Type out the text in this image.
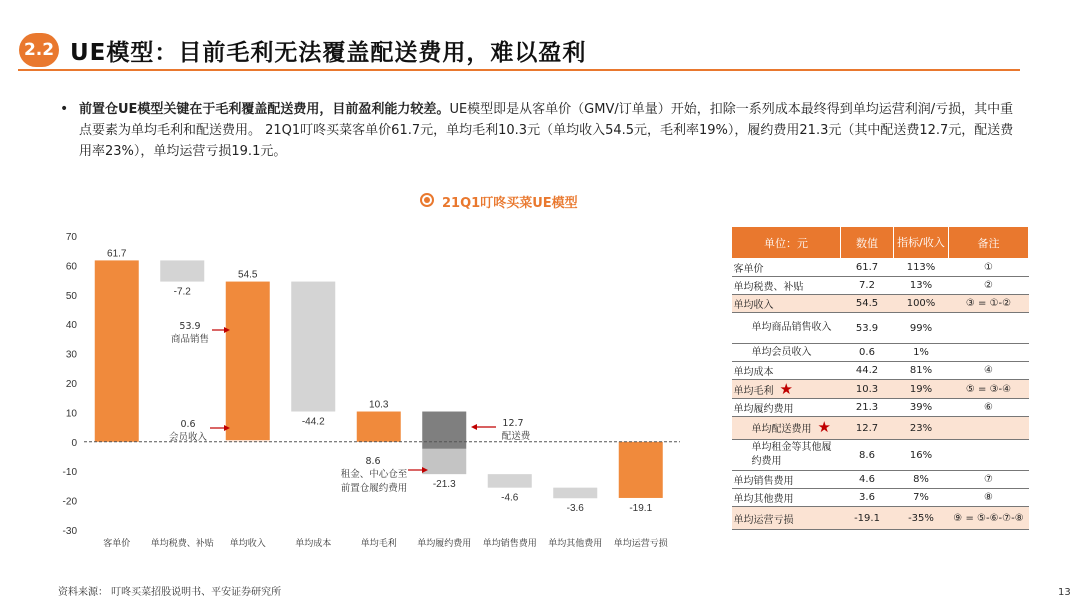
2.2 UE模型：目前毛利无法覆盖配送费用，难以盈利
• 前置仓UE模型关键在于毛利覆盖配送费用，目前盈利能力较差。UE模型即是从客单价（GMV/订单量）开始，扣除一系列成本最终得到单均运营利润/亏损，其中重点要素为单均毛利和配送费用。 21Q1叮咚买菜客单价61.7元，单均毛利10.3元（单均收入54.5元，毛利率19%），履约费用21.3元（其中配送费12.7元，配送费用率23%），单均运营亏损19.1元。
21Q1叮咚买菜UE模型
70
60
50
40
30
20
10
0
-10
-20
-30
61.7
-7.2
54.5
-44.2
10.3
-21.3
-4.6
-3.6	-19.1
客单价 单均税费、补贴 单均收入	单均成本	单均毛利 单均履约费用 单均销售费用 单均其他费用 单均运营亏损
53.9
商品销售
0.6
会员收入
12.7
配送费
8.6
租金、中心仓至
前置仓履约费用
单位：元	数值	指标/收入	备注
客单价	61.7	113%	①
单均税费、补贴	7.2	13%	②
单均收入	54.5	100%	③ = ①-②
单均商品销售收入	53.9	99%	
单均会员收入	0.6	1%	
单均成本	44.2	81%	④
单均毛利 ★	10.3	19%	⑤ = ③-④
单均履约费用	21.3	39%	⑥
单均配送费用 ★	12.7	23%	
单均租金等其他履约费用	8.6	16%	
单均销售费用	4.6	8%	⑦
单均其他费用	3.6	7%	⑧
单均运营亏损	-19.1	-35%	⑨ = ⑤-⑥-⑦-⑧
资料来源： 叮咚买菜招股说明书、平安证券研究所	13
